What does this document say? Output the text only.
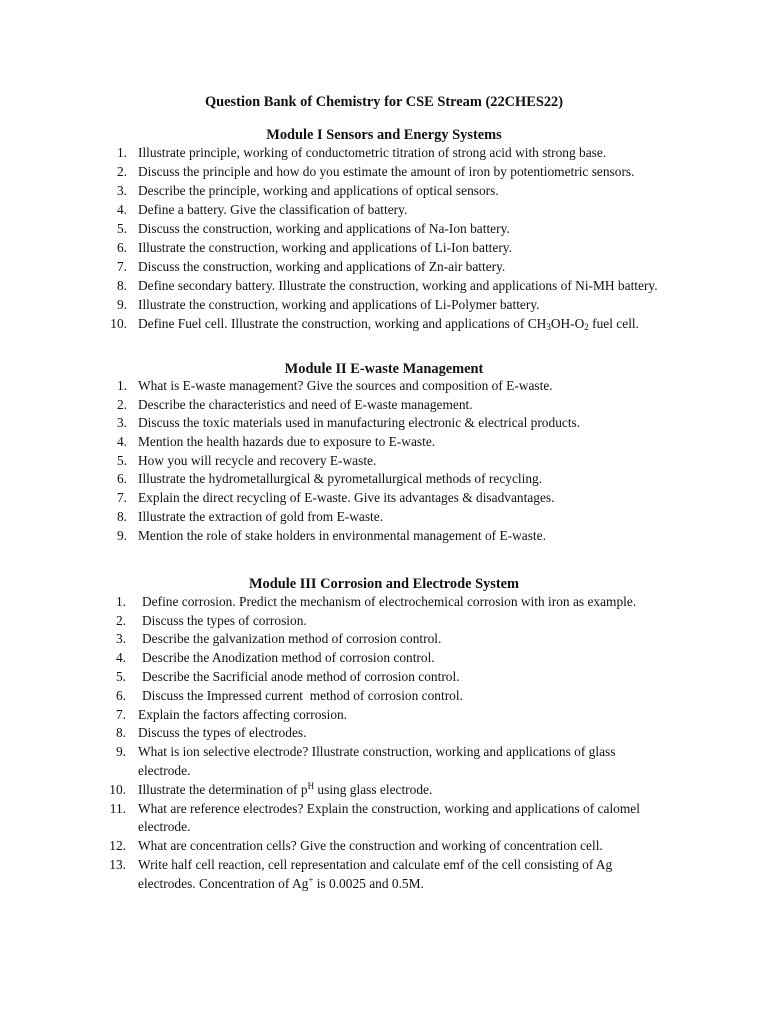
Question Bank of Chemistry for CSE Stream (22CHES22)
Module I Sensors and Energy Systems
1. Illustrate principle, working of conductometric titration of strong acid with strong base.
2. Discuss the principle and how do you estimate the amount of iron by potentiometric sensors.
3. Describe the principle, working and applications of optical sensors.
4. Define a battery. Give the classification of battery.
5. Discuss the construction, working and applications of Na-Ion battery.
6. Illustrate the construction, working and applications of Li-Ion battery.
7. Discuss the construction, working and applications of Zn-air battery.
8. Define secondary battery. Illustrate the construction, working and applications of Ni-MH battery.
9. Illustrate the construction, working and applications of Li-Polymer battery.
10. Define Fuel cell. Illustrate the construction, working and applications of $CH_3OH-O_2$ fuel cell.
Module II E-waste Management
1. What is E-waste management? Give the sources and composition of E-waste.
2. Describe the characteristics and need of E-waste management.
3. Discuss the toxic materials used in manufacturing electronic & electrical products.
4. Mention the health hazards due to exposure to E-waste.
5. How you will recycle and recovery E-waste.
6. Illustrate the hydrometallurgical & pyrometallurgical methods of recycling.
7. Explain the direct recycling of E-waste. Give its advantages & disadvantages.
8. Illustrate the extraction of gold from E-waste.
9. Mention the role of stake holders in environmental management of E-waste.
Module III Corrosion and Electrode System
1. Define corrosion. Predict the mechanism of electrochemical corrosion with iron as example.
2. Discuss the types of corrosion.
3. Describe the galvanization method of corrosion control.
4. Describe the Anodization method of corrosion control.
5. Describe the Sacrificial anode method of corrosion control.
6. Discuss the Impressed current  method of corrosion control.
7. Explain the factors affecting corrosion.
8. Discuss the types of electrodes.
9. What is ion selective electrode? Illustrate construction, working and applications of glass electrode.
10. Illustrate the determination of $p^H$ using glass electrode.
11. What are reference electrodes? Explain the construction, working and applications of calomel electrode.
12. What are concentration cells? Give the construction and working of concentration cell.
13. Write half cell reaction, cell representation and calculate emf of the cell consisting of Ag electrodes. Concentration of Ag+ is 0.0025 and 0.5M.
